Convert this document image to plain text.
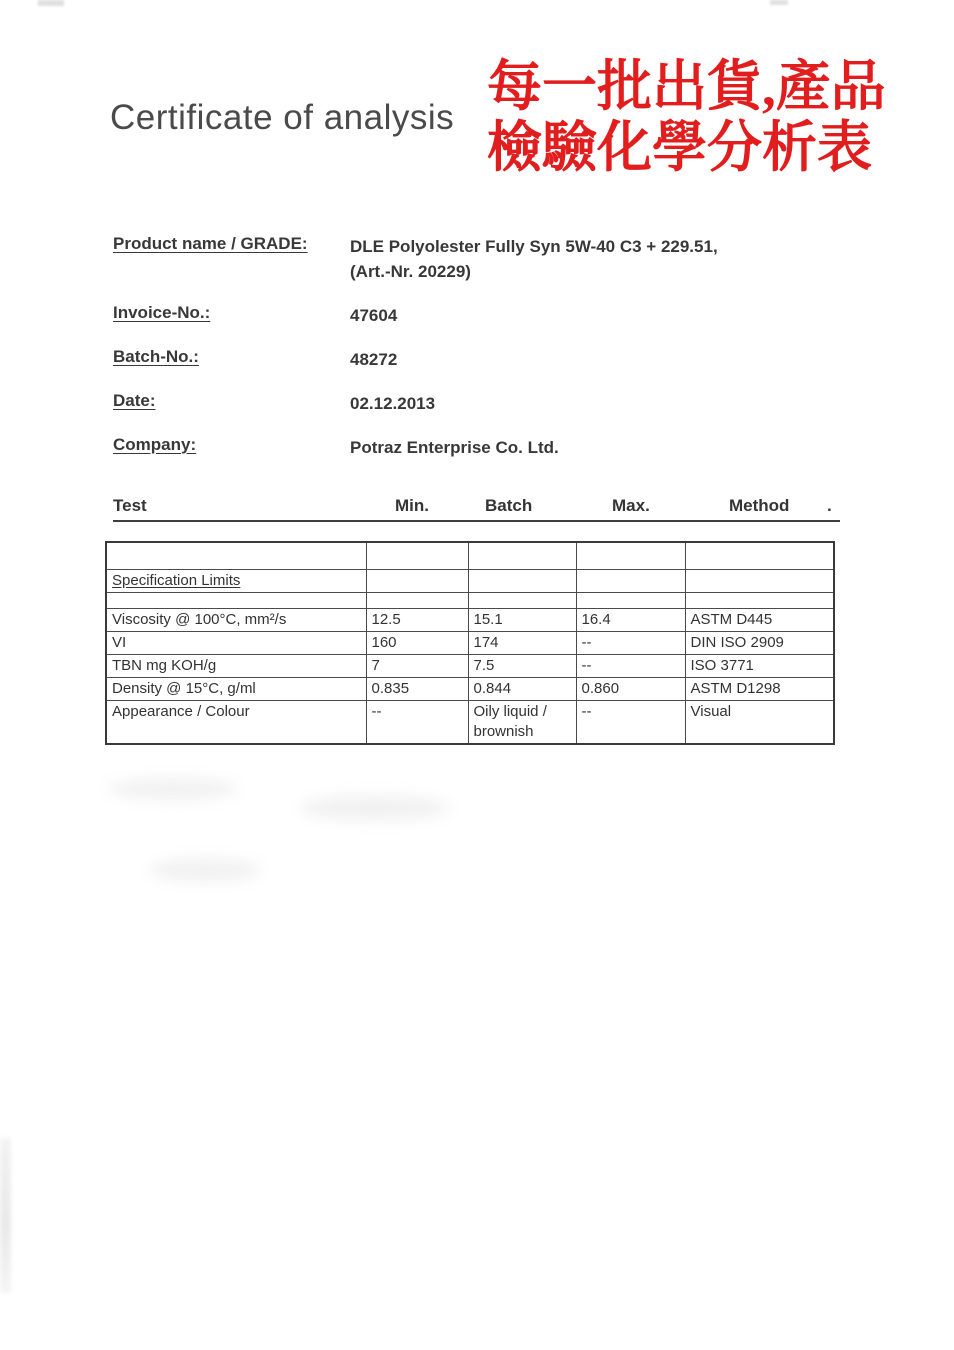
Certificate of analysis
每一批出貨,產品
檢驗化學分析表
Product name / GRADE: DLE Polyolester Fully Syn 5W-40 C3 + 229.51,
(Art.-Nr. 20229)
Invoice-No.:	47604
Batch-No.:	48272
Date:	02.12.2013
Company:	Potraz Enterprise Co. Ltd.
Test	Min.	Batch	Max.	Method .

Specification Limits				

Viscosity @ 100°C, mm²/s	12.5	15.1	16.4	ASTM D445
VI	160	174	--	DIN ISO 2909
TBN mg KOH/g	7	7.5	--	ISO 3771
Density @ 15°C, g/ml	0.835	0.844	0.860	ASTM D1298
Appearance / Colour	--	Oily liquid / brownish	--	Visual
